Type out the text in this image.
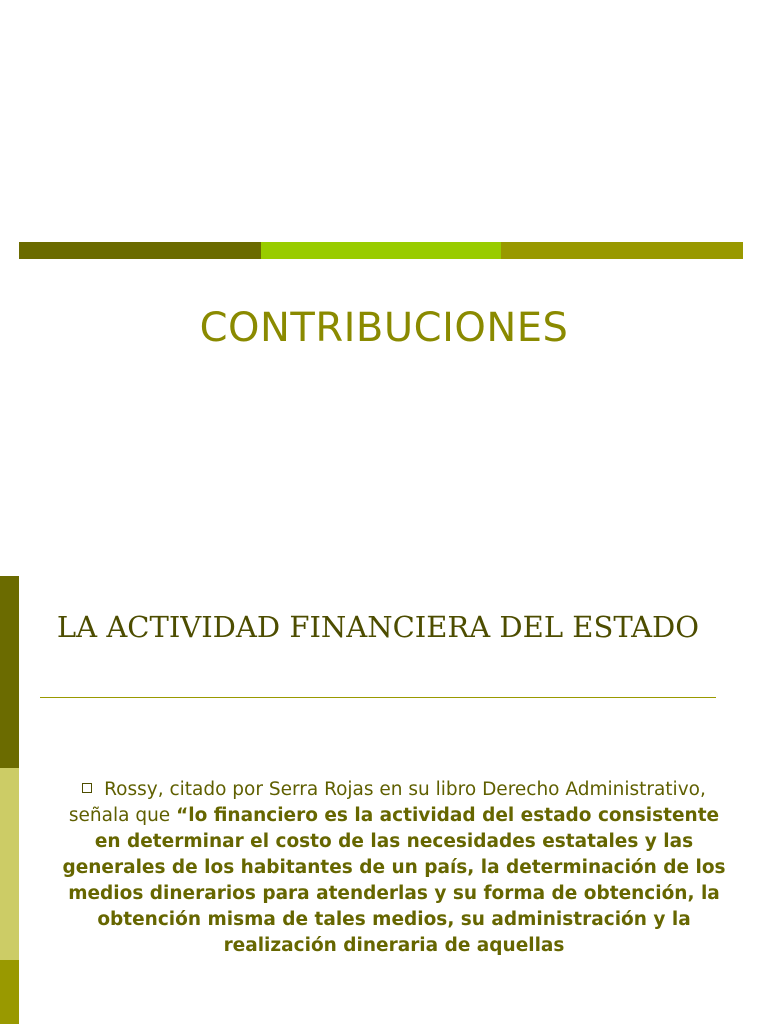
CONTRIBUCIONES
LA ACTIVIDAD FINANCIERA DEL ESTADO
Rossy, citado por Serra Rojas en su libro Derecho Administrativo, señala que “lo financiero es la actividad del estado consistente en determinar el costo de las necesidades estatales y las generales de los habitantes de un país, la determinación de los medios dinerarios para atenderlas y su forma de obtención, la obtención misma de tales medios, su administración y la realización dineraria de aquellas
